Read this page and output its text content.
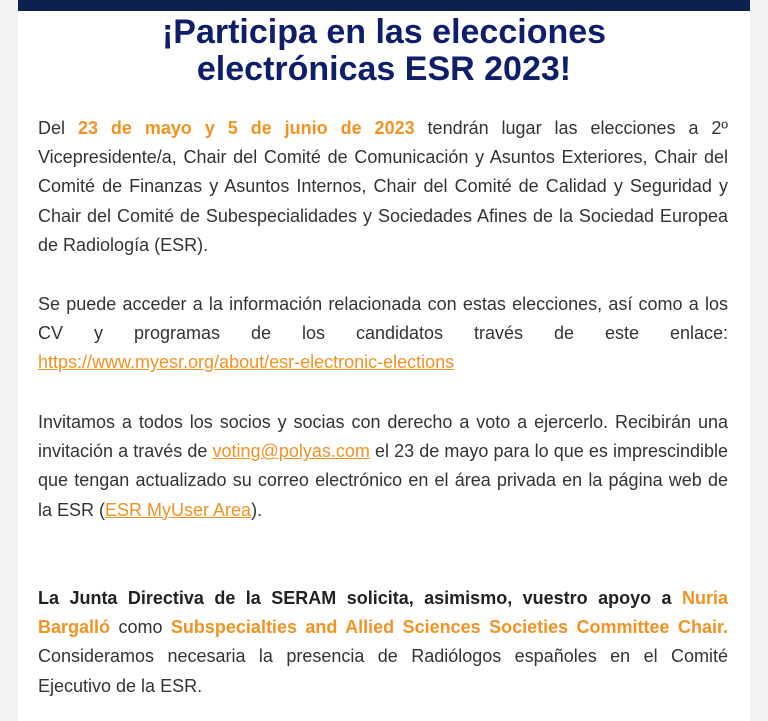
¡Participa en las elecciones
electrónicas ESR 2023!

Del 23 de mayo y 5 de junio de 2023 tendrán lugar las elecciones a 2º Vicepresidente/a, Chair del Comité de Comunicación y Asuntos Exteriores, Chair del Comité de Finanzas y Asuntos Internos, Chair del Comité de Calidad y Seguridad y Chair del Comité de Subespecialidades y Sociedades Afines de la Sociedad Europea de Radiología (ESR).

Se puede acceder a la información relacionada con estas elecciones, así como a los CV y programas de los candidatos través de este enlace: https://www.myesr.org/about/esr-electronic-elections

Invitamos a todos los socios y socias con derecho a voto a ejercerlo. Recibirán una invitación a través de voting@polyas.com el 23 de mayo para lo que es imprescindible que tengan actualizado su correo electrónico en el área privada en la página web de la ESR (ESR MyUser Area).

La Junta Directiva de la SERAM solicita, asimismo, vuestro apoyo a Nuria Bargalló como Subspecialties and Allied Sciences Societies Committee Chair. Consideramos necesaria la presencia de Radiólogos españoles en el Comité Ejecutivo de la ESR.
